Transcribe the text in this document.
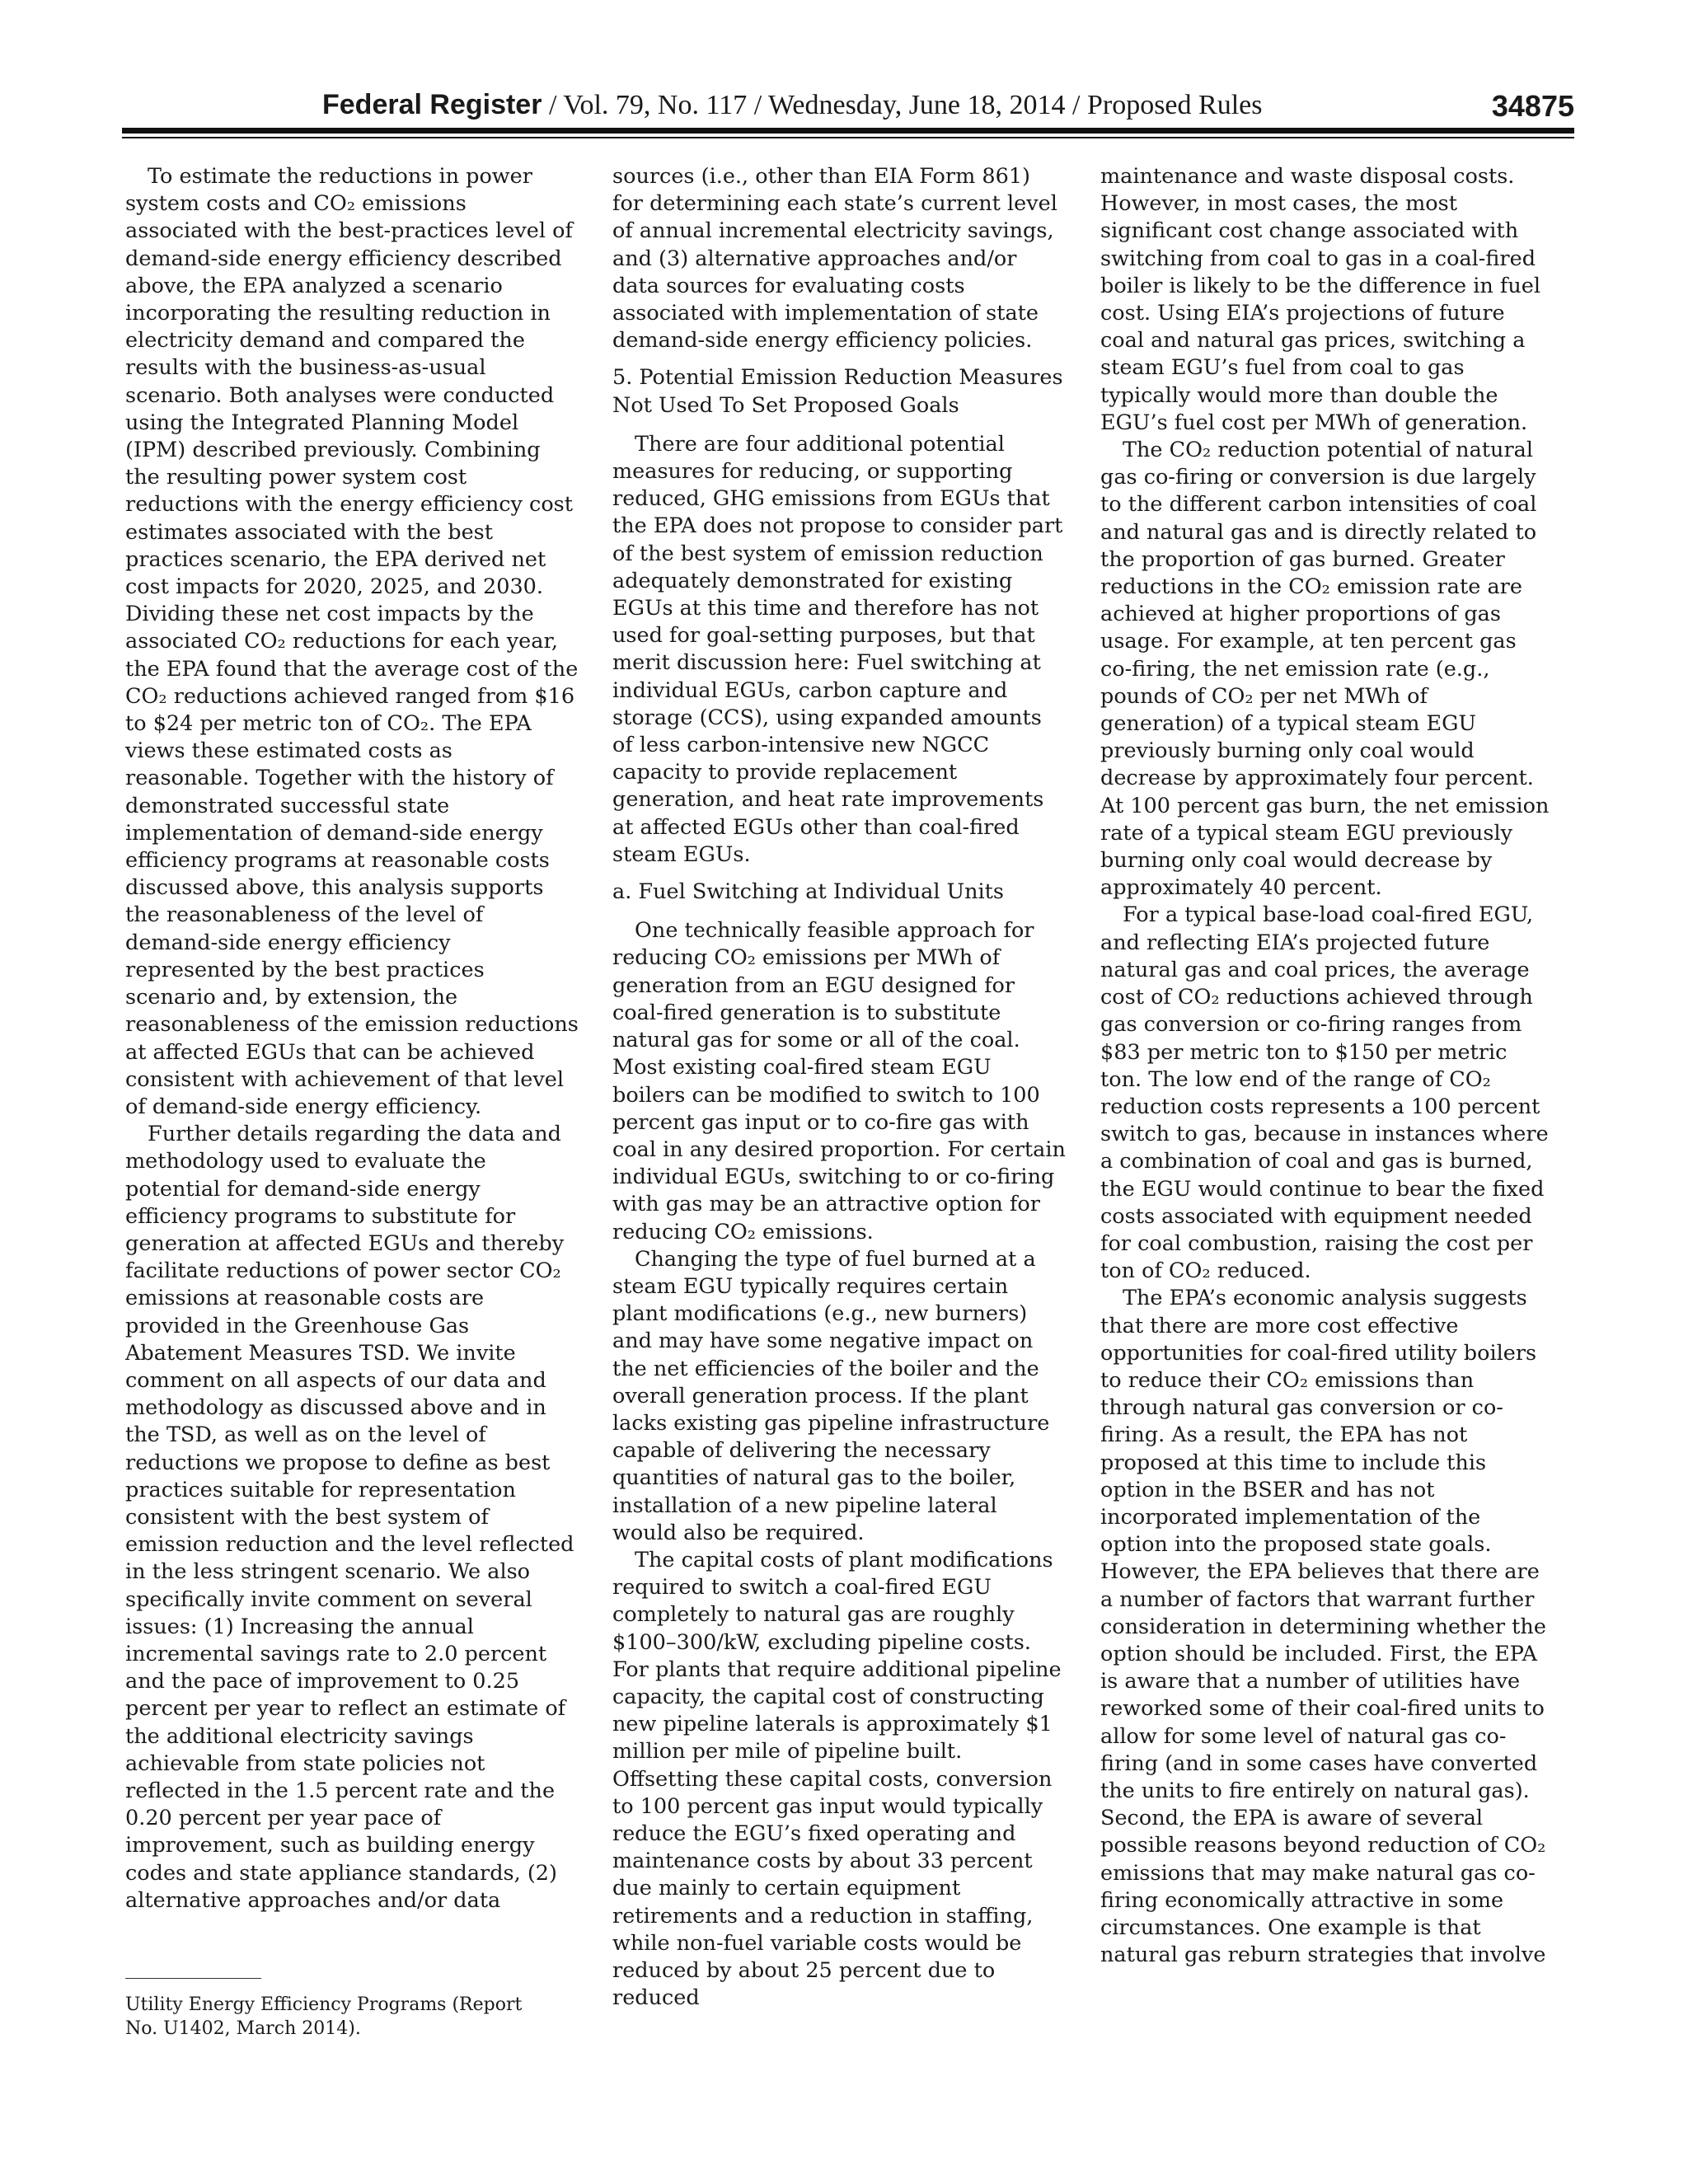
Federal Register / Vol. 79, No. 117 / Wednesday, June 18, 2014 / Proposed Rules	34875

To estimate the reductions in power system costs and CO₂ emissions associated with the best-practices level of demand-side energy efficiency described above, the EPA analyzed a scenario incorporating the resulting reduction in electricity demand and compared the results with the business-as-usual scenario. Both analyses were conducted using the Integrated Planning Model (IPM) described previously. Combining the resulting power system cost reductions with the energy efficiency cost estimates associated with the best practices scenario, the EPA derived net cost impacts for 2020, 2025, and 2030. Dividing these net cost impacts by the associated CO₂ reductions for each year, the EPA found that the average cost of the CO₂ reductions achieved ranged from $16 to $24 per metric ton of CO₂. The EPA views these estimated costs as reasonable. Together with the history of demonstrated successful state implementation of demand-side energy efficiency programs at reasonable costs discussed above, this analysis supports the reasonableness of the level of demand-side energy efficiency represented by the best practices scenario and, by extension, the reasonableness of the emission reductions at affected EGUs that can be achieved consistent with achievement of that level of demand-side energy efficiency.

Further details regarding the data and methodology used to evaluate the potential for demand-side energy efficiency programs to substitute for generation at affected EGUs and thereby facilitate reductions of power sector CO₂ emissions at reasonable costs are provided in the Greenhouse Gas Abatement Measures TSD. We invite comment on all aspects of our data and methodology as discussed above and in the TSD, as well as on the level of reductions we propose to define as best practices suitable for representation consistent with the best system of emission reduction and the level reflected in the less stringent scenario. We also specifically invite comment on several issues: (1) Increasing the annual incremental savings rate to 2.0 percent and the pace of improvement to 0.25 percent per year to reflect an estimate of the additional electricity savings achievable from state policies not reflected in the 1.5 percent rate and the 0.20 percent per year pace of improvement, such as building energy codes and state appliance standards, (2) alternative approaches and/or data

sources (i.e., other than EIA Form 861) for determining each state’s current level of annual incremental electricity savings, and (3) alternative approaches and/or data sources for evaluating costs associated with implementation of state demand-side energy efficiency policies.

5. Potential Emission Reduction Measures Not Used To Set Proposed Goals

There are four additional potential measures for reducing, or supporting reduced, GHG emissions from EGUs that the EPA does not propose to consider part of the best system of emission reduction adequately demonstrated for existing EGUs at this time and therefore has not used for goal-setting purposes, but that merit discussion here: Fuel switching at individual EGUs, carbon capture and storage (CCS), using expanded amounts of less carbon-intensive new NGCC capacity to provide replacement generation, and heat rate improvements at affected EGUs other than coal-fired steam EGUs.

a. Fuel Switching at Individual Units

One technically feasible approach for reducing CO₂ emissions per MWh of generation from an EGU designed for coal-fired generation is to substitute natural gas for some or all of the coal. Most existing coal-fired steam EGU boilers can be modified to switch to 100 percent gas input or to co-fire gas with coal in any desired proportion. For certain individual EGUs, switching to or co-firing with gas may be an attractive option for reducing CO₂ emissions.

Changing the type of fuel burned at a steam EGU typically requires certain plant modifications (e.g., new burners) and may have some negative impact on the net efficiencies of the boiler and the overall generation process. If the plant lacks existing gas pipeline infrastructure capable of delivering the necessary quantities of natural gas to the boiler, installation of a new pipeline lateral would also be required.

The capital costs of plant modifications required to switch a coal-fired EGU completely to natural gas are roughly $100–300/kW, excluding pipeline costs. For plants that require additional pipeline capacity, the capital cost of constructing new pipeline laterals is approximately $1 million per mile of pipeline built. Offsetting these capital costs, conversion to 100 percent gas input would typically reduce the EGU’s fixed operating and maintenance costs by about 33 percent due mainly to certain equipment retirements and a reduction in staffing, while non-fuel variable costs would be reduced by about 25 percent due to reduced

maintenance and waste disposal costs. However, in most cases, the most significant cost change associated with switching from coal to gas in a coal-fired boiler is likely to be the difference in fuel cost. Using EIA’s projections of future coal and natural gas prices, switching a steam EGU’s fuel from coal to gas typically would more than double the EGU’s fuel cost per MWh of generation.

The CO₂ reduction potential of natural gas co-firing or conversion is due largely to the different carbon intensities of coal and natural gas and is directly related to the proportion of gas burned. Greater reductions in the CO₂ emission rate are achieved at higher proportions of gas usage. For example, at ten percent gas co-firing, the net emission rate (e.g., pounds of CO₂ per net MWh of generation) of a typical steam EGU previously burning only coal would decrease by approximately four percent. At 100 percent gas burn, the net emission rate of a typical steam EGU previously burning only coal would decrease by approximately 40 percent.

For a typical base-load coal-fired EGU, and reflecting EIA’s projected future natural gas and coal prices, the average cost of CO₂ reductions achieved through gas conversion or co-firing ranges from $83 per metric ton to $150 per metric ton. The low end of the range of CO₂ reduction costs represents a 100 percent switch to gas, because in instances where a combination of coal and gas is burned, the EGU would continue to bear the fixed costs associated with equipment needed for coal combustion, raising the cost per ton of CO₂ reduced.

The EPA’s economic analysis suggests that there are more cost effective opportunities for coal-fired utility boilers to reduce their CO₂ emissions than through natural gas conversion or co-firing. As a result, the EPA has not proposed at this time to include this option in the BSER and has not incorporated implementation of the option into the proposed state goals. However, the EPA believes that there are a number of factors that warrant further consideration in determining whether the option should be included. First, the EPA is aware that a number of utilities have reworked some of their coal-fired units to allow for some level of natural gas co-firing (and in some cases have converted the units to fire entirely on natural gas). Second, the EPA is aware of several possible reasons beyond reduction of CO₂ emissions that may make natural gas co-firing economically attractive in some circumstances. One example is that natural gas reburn strategies that involve

Utility Energy Efficiency Programs (Report No. U1402, March 2014).
